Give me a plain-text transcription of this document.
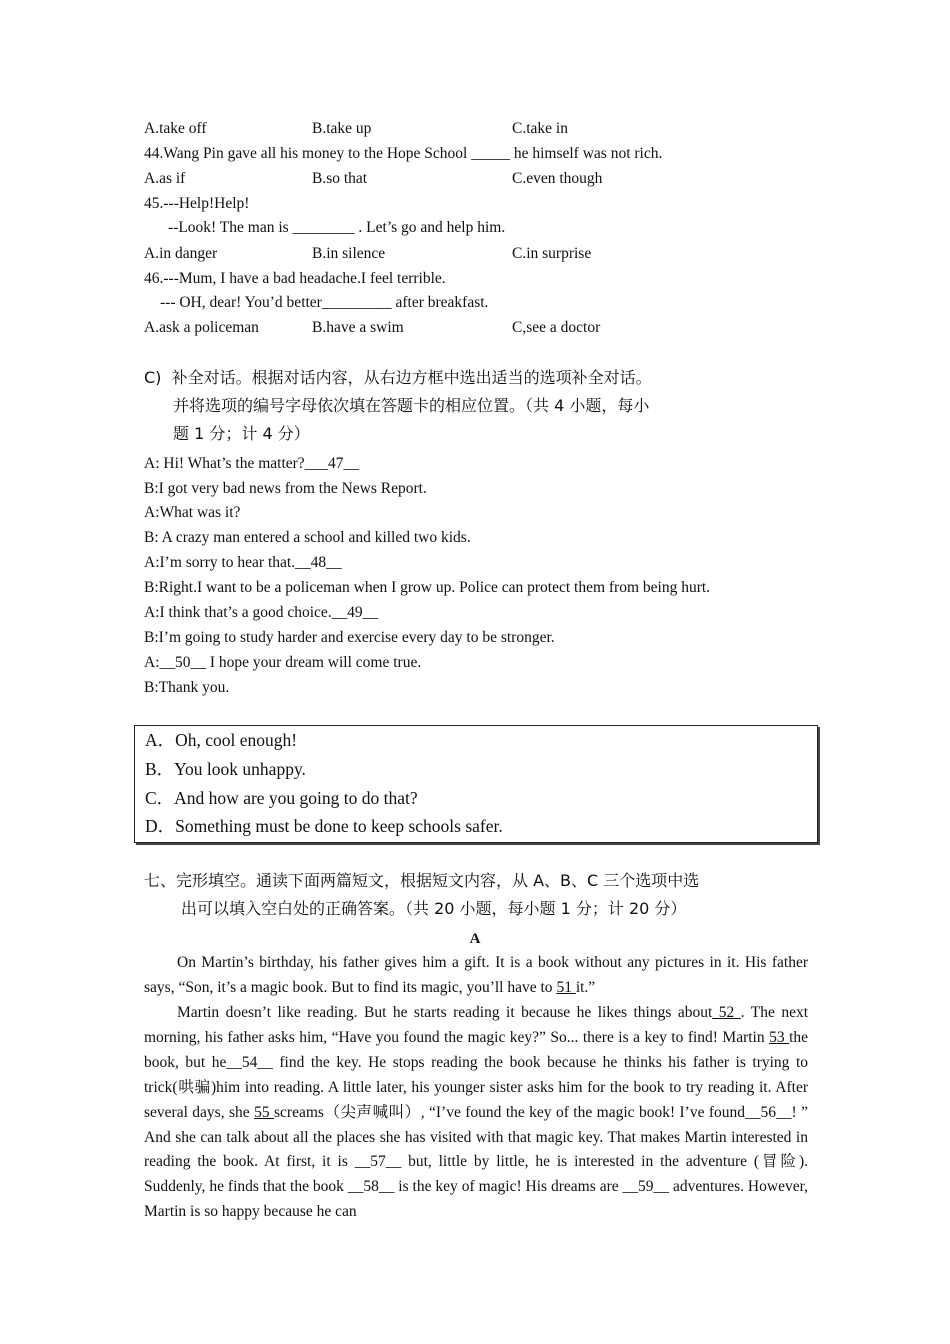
A.take off	B.take up	C.take in
44.Wang Pin gave all his money to the Hope School _____ he himself was not rich.
A.as if	B.so that	C.even though
45.---Help!Help!
--Look! The man is ________ . Let’s go and help him.
A.in danger	B.in silence	C.in surprise
46.---Mum, I have a bad headache.I feel terrible.
--- OH, dear! You’d better_________ after breakfast.
A.ask a policeman	B.have a swim	C,see a doctor
C)  补全对话。根据对话内容，从右边方框中选出适当的选项补全对话。
并将选项的编号字母依次填在答题卡的相应位置。（共 4 小题，每小
题 1 分；计 4 分）
A: Hi! What’s the matter?___47__
B:I got very bad news from the News Report.
A:What was it?
B: A crazy man entered a school and killed two kids.
A:I’m sorry to hear that.__48__
B:Right.I want to be a policeman when I grow up. Police can protect them from being hurt.
A:I think that’s a good choice.__49__
B:I’m going to study harder and exercise every day to be stronger.
A:__50__ I hope your dream will come true.
B:Thank you.
A．Oh, cool enough!
B．You look unhappy.
C．And how are you going to do that?
D．Something must be done to keep schools safer.
七、完形填空。通读下面两篇短文，根据短文内容，从 A、B、C 三个选项中选
出可以填入空白处的正确答案。（共 20 小题，每小题 1 分；计 20 分）
A
On Martin’s birthday, his father gives him a gift. It is a book without any pictures in it. His father says, “Son, it’s a magic book. But to find its magic, you’ll have to 51 it.”
Martin doesn’t like reading. But he starts reading it because he likes things about 52 . The next morning, his father asks him, “Have you found the magic key?” So... there is a key to find! Martin 53 the book, but he__54__ find the key. He stops reading the book because he thinks his father is trying to trick(哄骗)him into reading. A little later, his younger sister asks him for the book to try reading it. After several days, she 55 screams（尖声喊叫）, “I’ve found the key of the magic book! I’ve found__56__! ” And she can talk about all the places she has visited with that magic key. That makes Martin interested in reading the book. At first, it is __57__ but, little by little, he is interested in the adventure (冒险). Suddenly, he finds that the book __58__ is the key of magic! His dreams are __59__ adventures. However, Martin is so happy because he can
